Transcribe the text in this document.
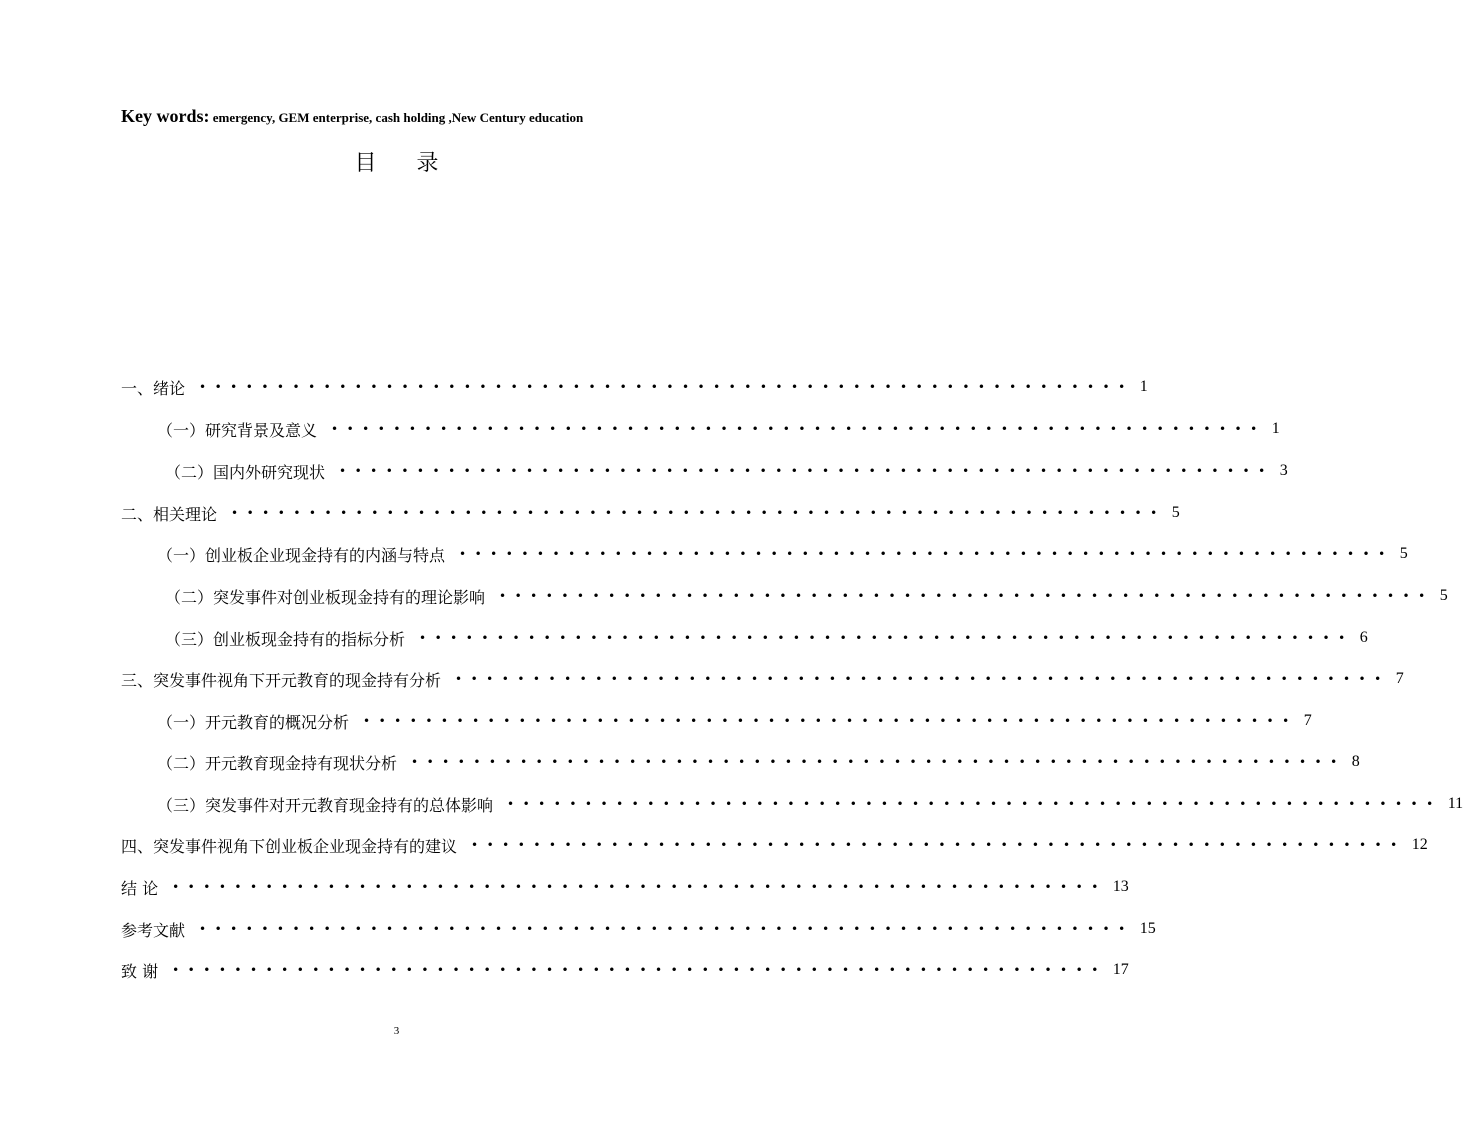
Key words: emergency, GEM enterprise, cash holding ,New Century education
目录
一、绪论 •••••••••••••••••••••••••••••••••••••••••••••••••••••••••••• 1
（一）研究背景及意义 •••••••••••••••••••••••••••••••••••••••••••••••••••••••••••• 1
（二）国内外研究现状 •••••••••••••••••••••••••••••••••••••••••••••••••••••••••••• 3
二、相关理论 •••••••••••••••••••••••••••••••••••••••••••••••••••••••••••• 5
（一）创业板企业现金持有的内涵与特点 •••••••••••••••••••••••••••••••••••••••••••••••••••••••••••• 5
（二）突发事件对创业板现金持有的理论影响 •••••••••••••••••••••••••••••••••••••••••••••••••••••••••••• 5
（三）创业板现金持有的指标分析 •••••••••••••••••••••••••••••••••••••••••••••••••••••••••••• 6
三、突发事件视角下开元教育的现金持有分析 •••••••••••••••••••••••••••••••••••••••••••••••••••••••••••• 7
（一）开元教育的概况分析 •••••••••••••••••••••••••••••••••••••••••••••••••••••••••••• 7
（二）开元教育现金持有现状分析 •••••••••••••••••••••••••••••••••••••••••••••••••••••••••••• 8
（三）突发事件对开元教育现金持有的总体影响 •••••••••••••••••••••••••••••••••••••••••••••••••••••••••••• 11
四、突发事件视角下创业板企业现金持有的建议 •••••••••••••••••••••••••••••••••••••••••••••••••••••••••••• 12
结 论 •••••••••••••••••••••••••••••••••••••••••••••••••••••••••••• 13
参考文献 •••••••••••••••••••••••••••••••••••••••••••••••••••••••••••• 15
致 谢 •••••••••••••••••••••••••••••••••••••••••••••••••••••••••••• 17
3
